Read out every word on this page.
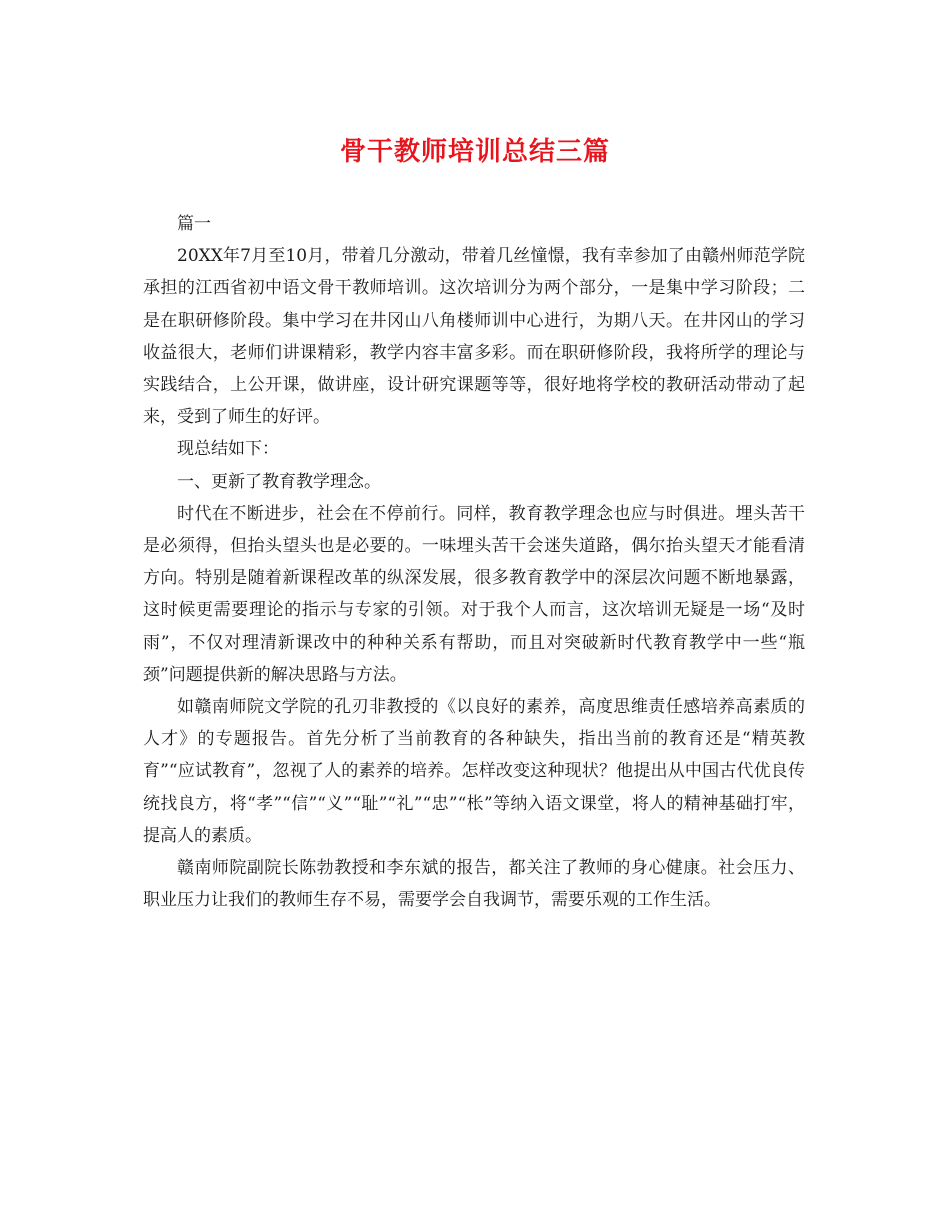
骨干教师培训总结三篇

篇一

20XX年7月至10月，带着几分激动，带着几丝憧憬，我有幸参加了由赣州师范学院承担的江西省初中语文骨干教师培训。这次培训分为两个部分，一是集中学习阶段；二是在职研修阶段。集中学习在井冈山八角楼师训中心进行，为期八天。在井冈山的学习收益很大，老师们讲课精彩，教学内容丰富多彩。而在职研修阶段，我将所学的理论与实践结合，上公开课，做讲座，设计研究课题等等，很好地将学校的教研活动带动了起来，受到了师生的好评。

现总结如下：

一、更新了教育教学理念。

时代在不断进步，社会在不停前行。同样，教育教学理念也应与时俱进。埋头苦干是必须得，但抬头望头也是必要的。一味埋头苦干会迷失道路，偶尔抬头望天才能看清方向。特别是随着新课程改革的纵深发展，很多教育教学中的深层次问题不断地暴露，这时候更需要理论的指示与专家的引领。对于我个人而言，这次培训无疑是一场“及时雨”，不仅对理清新课改中的种种关系有帮助，而且对突破新时代教育教学中一些“瓶颈”问题提供新的解决思路与方法。

如赣南师院文学院的孔刃非教授的《以良好的素养，高度思维责任感培养高素质的人才》的专题报告。首先分析了当前教育的各种缺失，指出当前的教育还是“精英教育”“应试教育”，忽视了人的素养的培养。怎样改变这种现状？他提出从中国古代优良传统找良方，将“孝”“信”“义”“耻”“礼”“忠”“枨”等纳入语文课堂，将人的精神基础打牢，提高人的素质。

赣南师院副院长陈勃教授和李东斌的报告，都关注了教师的身心健康。社会压力、职业压力让我们的教师生存不易，需要学会自我调节，需要乐观的工作生活。
